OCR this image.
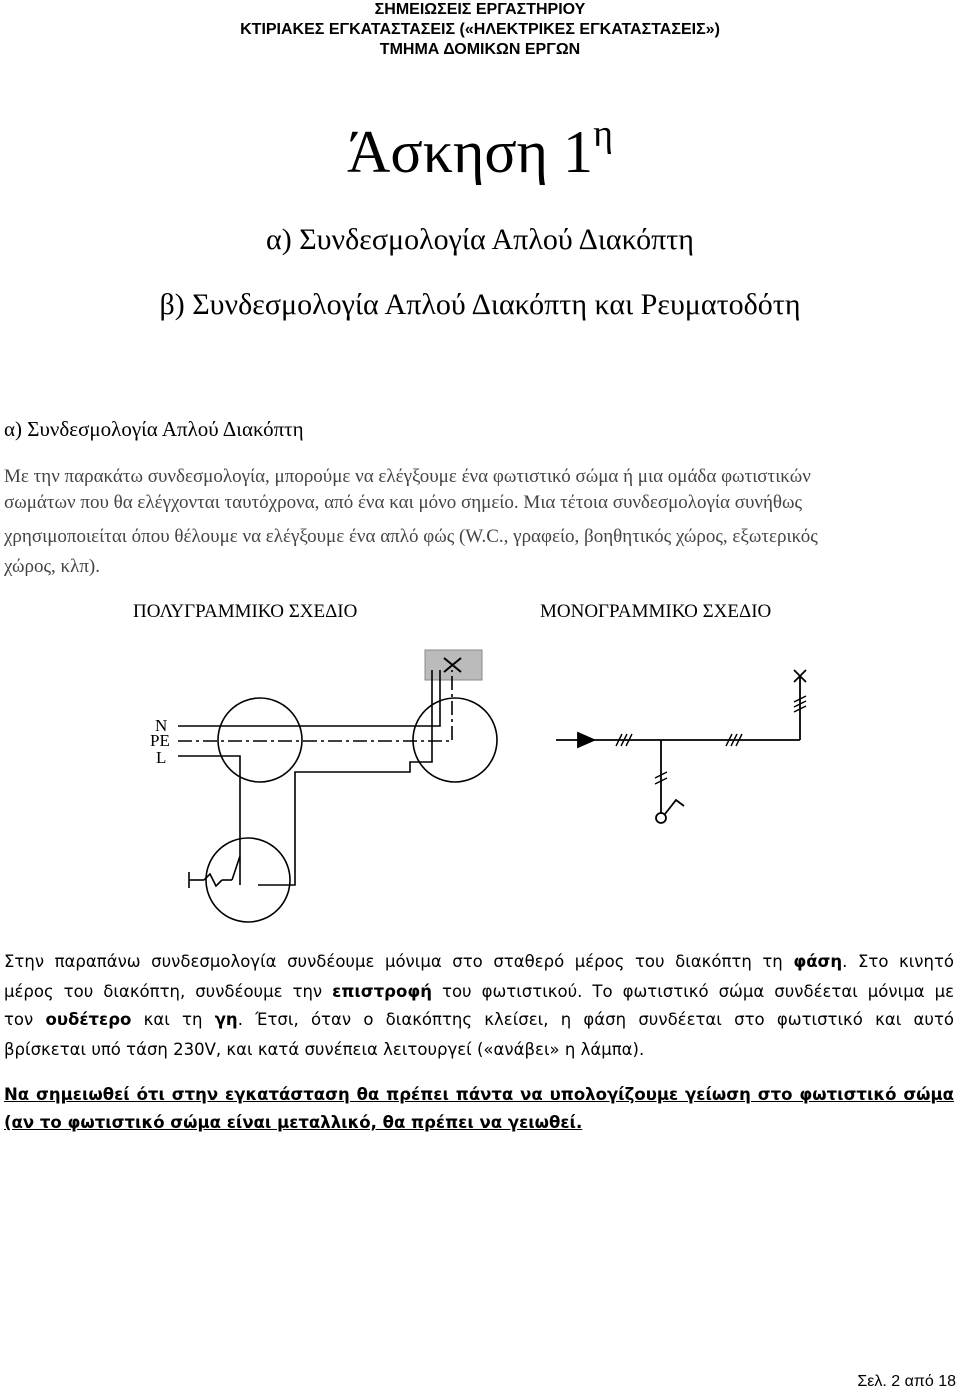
ΣΗΜΕΙΩΣΕΙΣ ΕΡΓΑΣΤΗΡΙΟΥ
ΚΤΙΡΙΑΚΕΣ ΕΓΚΑΤΑΣΤΑΣΕΙΣ («ΗΛΕΚΤΡΙΚΕΣ ΕΓΚΑΤΑΣΤΑΣΕΙΣ»)
ΤΜΗΜΑ ΔΟΜΙΚΩΝ ΕΡΓΩΝ
Άσκηση $1^\eta$
α) Συνδεσμολογία Απλού Διακόπτη
β) Συνδεσμολογία Απλού Διακόπτη και Ρευματοδότη
α) Συνδεσμολογία Απλού Διακόπτη
Με την παρακάτω συνδεσμολογία, μπορούμε να ελέγξουμε ένα φωτιστικό σώμα ή μια ομάδα φωτιστικών
σωμάτων που θα ελέγχονται ταυτόχρονα, από ένα και μόνο σημείο. Μια τέτοια συνδεσμολογία συνήθως
χρησιμοποιείται όπου θέλουμε να ελέγξουμε ένα απλό φώς (W.C., γραφείο, βοηθητικός χώρος, εξωτερικός
χώρος, κλπ).
ΠΟΛΥΓΡΑΜΜΙΚΟ ΣΧΕΔΙΟ	ΜΟΝΟΓΡΑΜΜΙΚΟ ΣΧΕΔΙΟ
N
PE
L
Στην παραπάνω συνδεσμολογία συνδέουμε μόνιμα στο σταθερό μέρος του διακόπτη τη φάση. Στο κινητό
μέρος του διακόπτη, συνδέουμε την επιστροφή του φωτιστικού. Το φωτιστικό σώμα συνδέεται μόνιμα με
τον ουδέτερο και τη γη. Έτσι, όταν ο διακόπτης κλείσει, η φάση συνδέεται στο φωτιστικό και αυτό
βρίσκεται υπό τάση 230V, και κατά συνέπεια λειτουργεί («ανάβει» η λάμπα).
Να σημειωθεί ότι στην εγκατάσταση θα πρέπει πάντα να υπολογίζουμε γείωση στο φωτιστικό σώμα
(αν το φωτιστικό σώμα είναι μεταλλικό, θα πρέπει να γειωθεί.
Σελ. 2 από 18
